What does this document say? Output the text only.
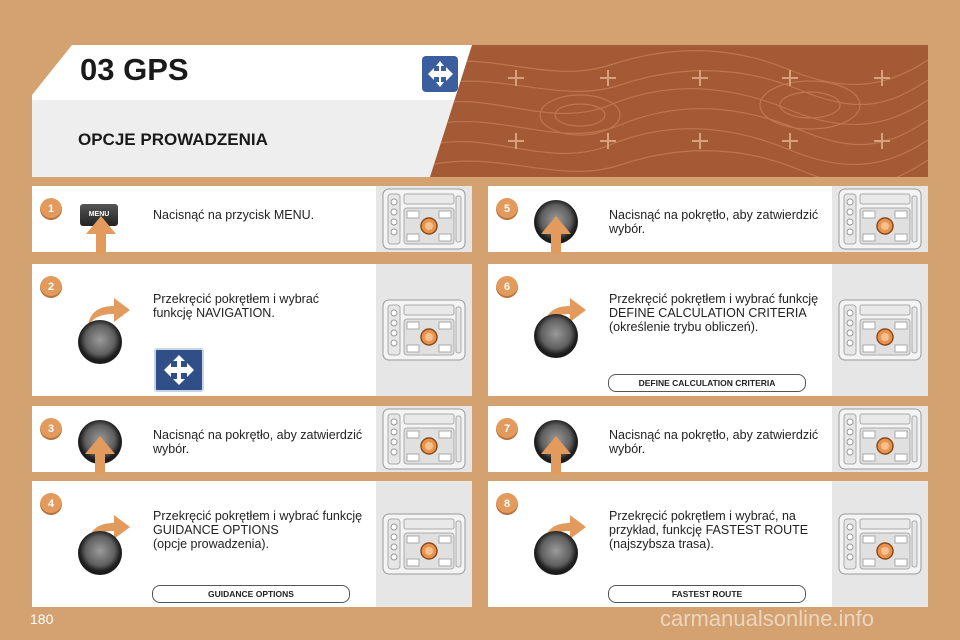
03 GPS
OPCJE PROWADZENIA
1	MENU	Nacisnąć na przycisk MENU.
2
Przekręcić pokrętłem i wybrać
funkcję NAVIGATION.
3	Nacisnąć na pokrętło, aby zatwierdzić
wybór.
4
Przekręcić pokrętłem i wybrać funkcję
GUIDANCE OPTIONS
(opcje prowadzenia).
GUIDANCE OPTIONS
5	Nacisnąć na pokrętło, aby zatwierdzić
wybór.
6
Przekręcić pokrętłem i wybrać funkcję
DEFINE CALCULATION CRITERIA
(określenie trybu obliczeń).
DEFINE CALCULATION CRITERIA
7	Nacisnąć na pokrętło, aby zatwierdzić
wybór.
8
Przekręcić pokrętłem i wybrać, na
przykład, funkcję FASTEST ROUTE
(najszybsza trasa).
FASTEST ROUTE
180	carmanualsonline.info
